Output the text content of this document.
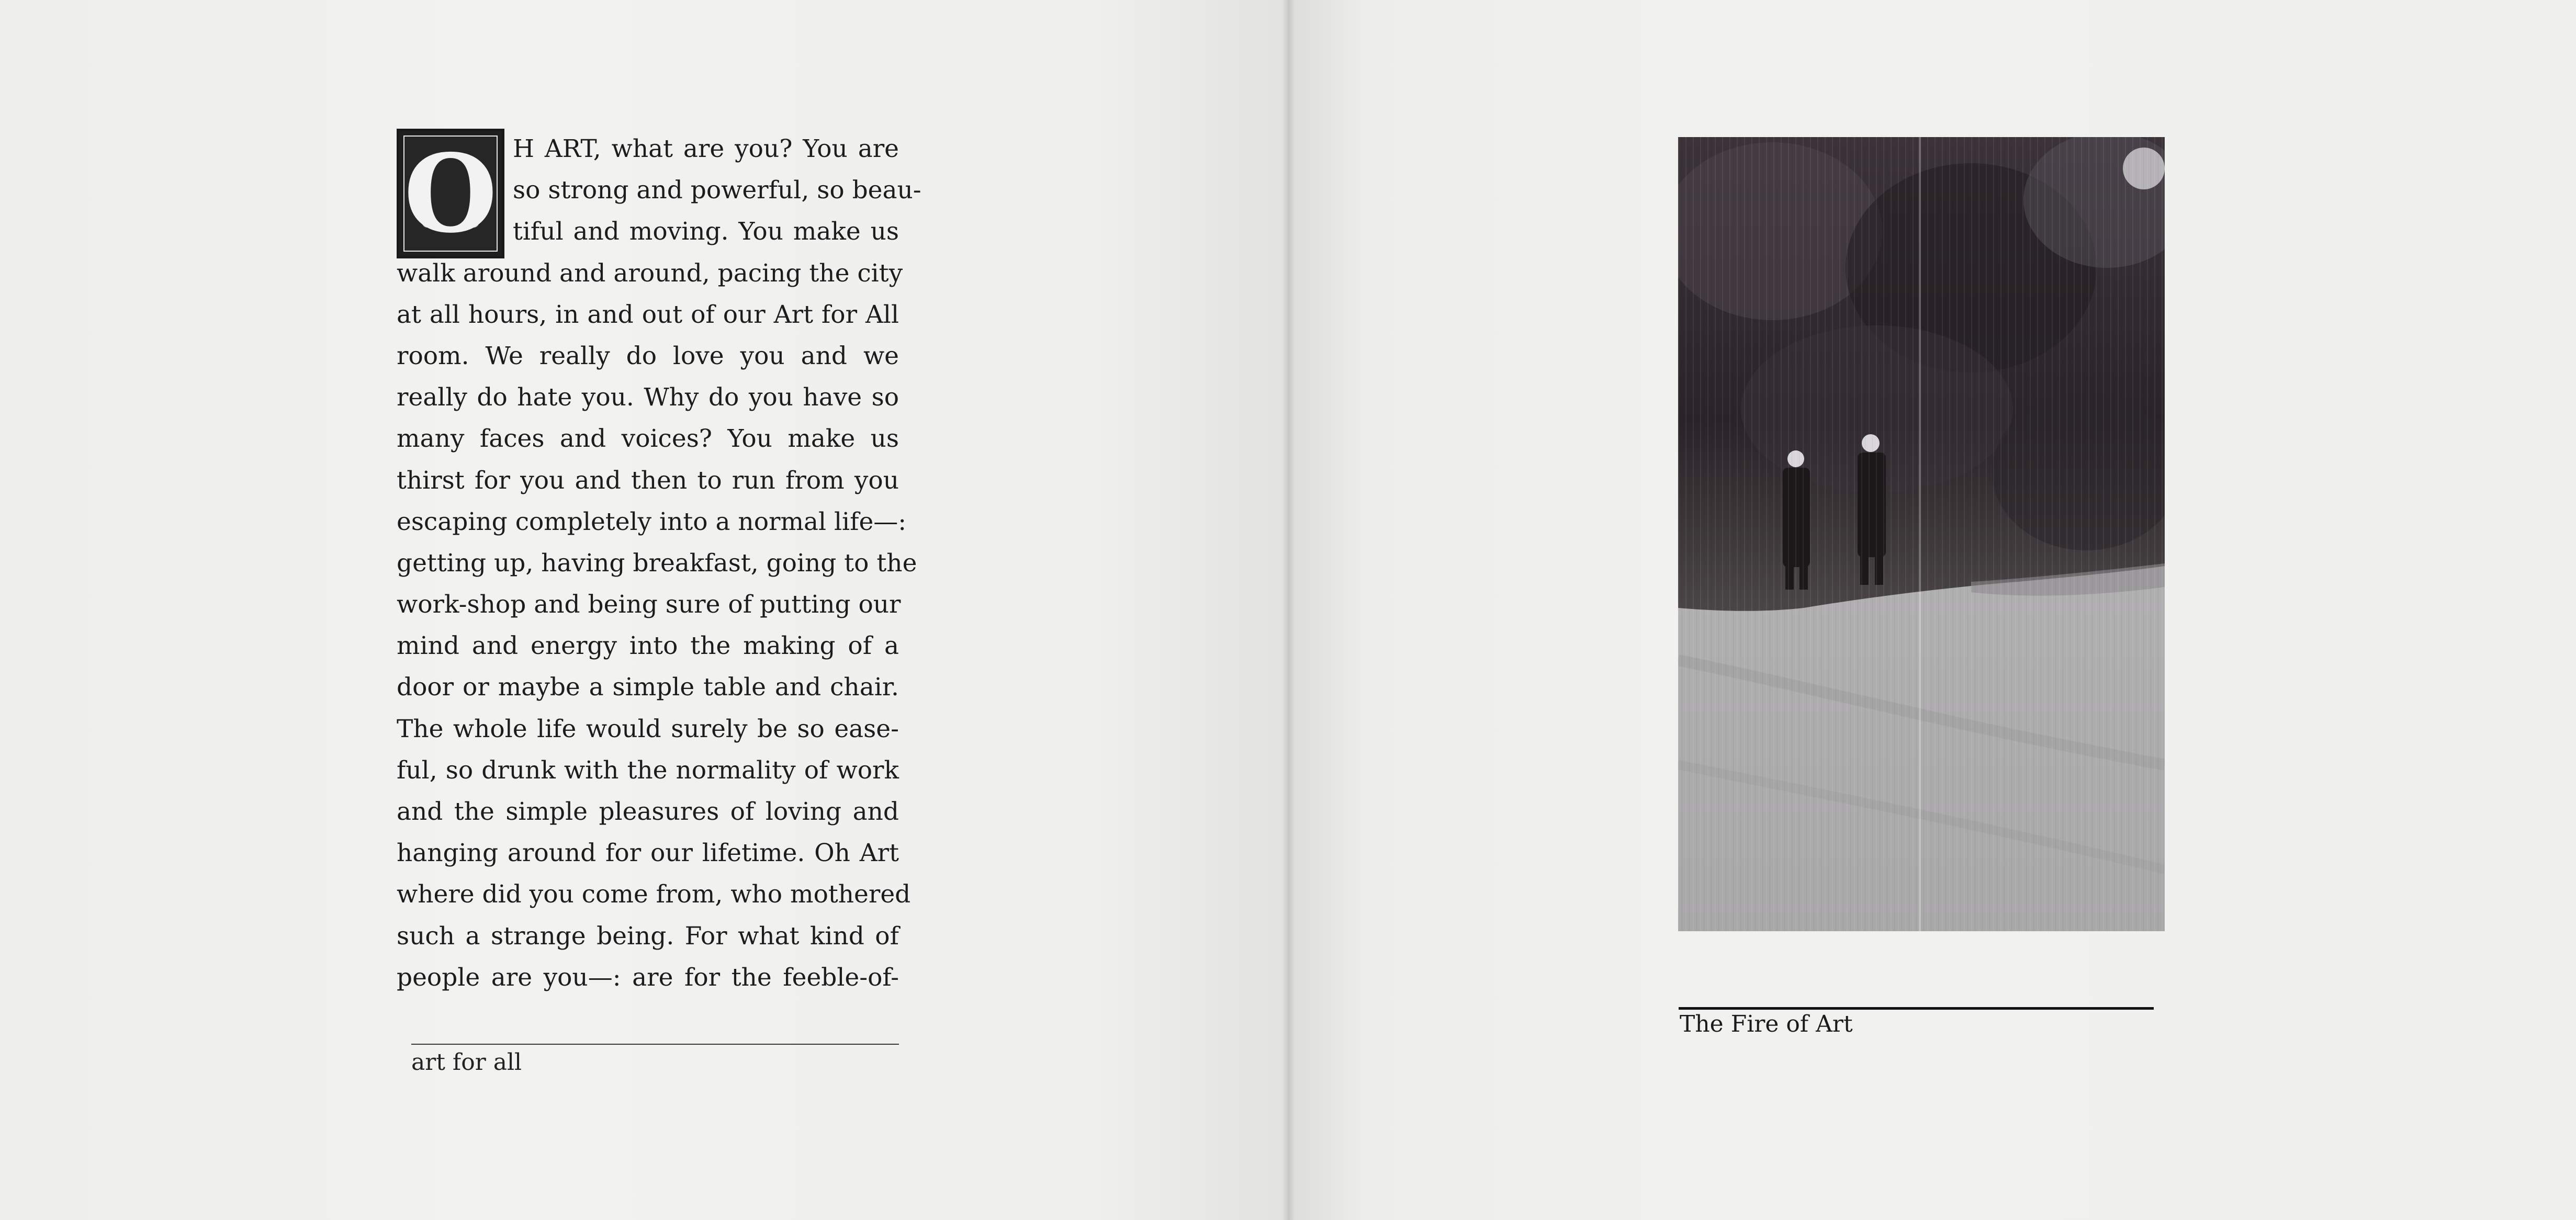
O H ART, what are you? You are
so strong and powerful, so beau-
tiful and moving. You make us
walk around and around, pacing the city
at all hours, in and out of our Art for All
room. We really do love you and we
really do hate you. Why do you have so
many faces and voices? You make us
thirst for you and then to run from you
escaping completely into a normal life—:
getting up, having breakfast, going to the
work-shop and being sure of putting our
mind and energy into the making of a
door or maybe a simple table and chair.
The whole life would surely be so ease-
ful, so drunk with the normality of work
and the simple pleasures of loving and
hanging around for our lifetime. Oh Art
where did you come from, who mothered
such a strange being. For what kind of
people are you—: are for the feeble-of-
art for all
The Fire of Art
